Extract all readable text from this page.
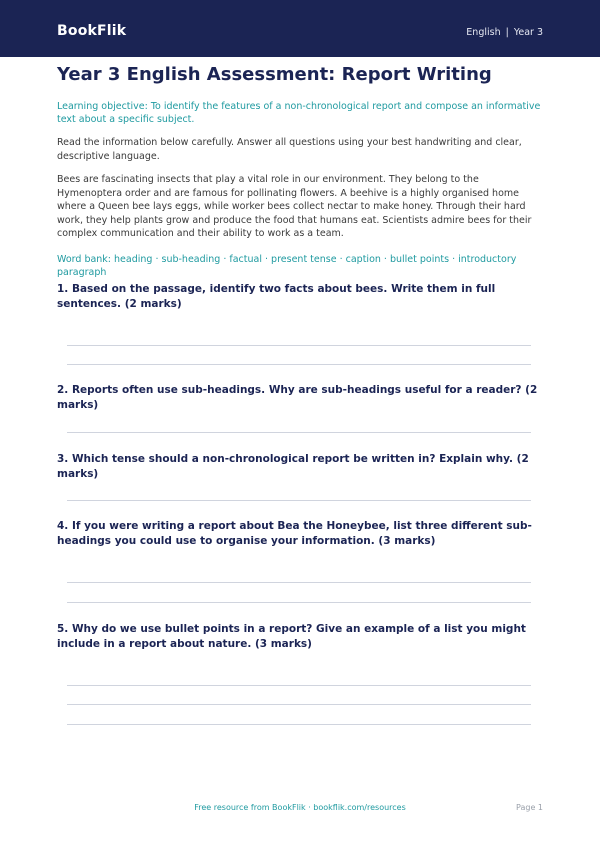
BookFlik	English | Year 3
Year 3 English Assessment: Report Writing
Learning objective: To identify the features of a non-chronological report and compose an informative text about a specific subject.
Read the information below carefully. Answer all questions using your best handwriting and clear, descriptive language.
Bees are fascinating insects that play a vital role in our environment. They belong to the Hymenoptera order and are famous for pollinating flowers. A beehive is a highly organised home where a Queen bee lays eggs, while worker bees collect nectar to make honey. Through their hard work, they help plants grow and produce the food that humans eat. Scientists admire bees for their complex communication and their ability to work as a team.
Word bank: heading · sub-heading · factual · present tense · caption · bullet points · introductory paragraph
1. Based on the passage, identify two facts about bees. Write them in full sentences. (2 marks)
2. Reports often use sub-headings. Why are sub-headings useful for a reader? (2 marks)
3. Which tense should a non-chronological report be written in? Explain why. (2 marks)
4. If you were writing a report about Bea the Honeybee, list three different sub-headings you could use to organise your information. (3 marks)
5. Why do we use bullet points in a report? Give an example of a list you might include in a report about nature. (3 marks)
Free resource from BookFlik · bookflik.com/resources	Page 1
